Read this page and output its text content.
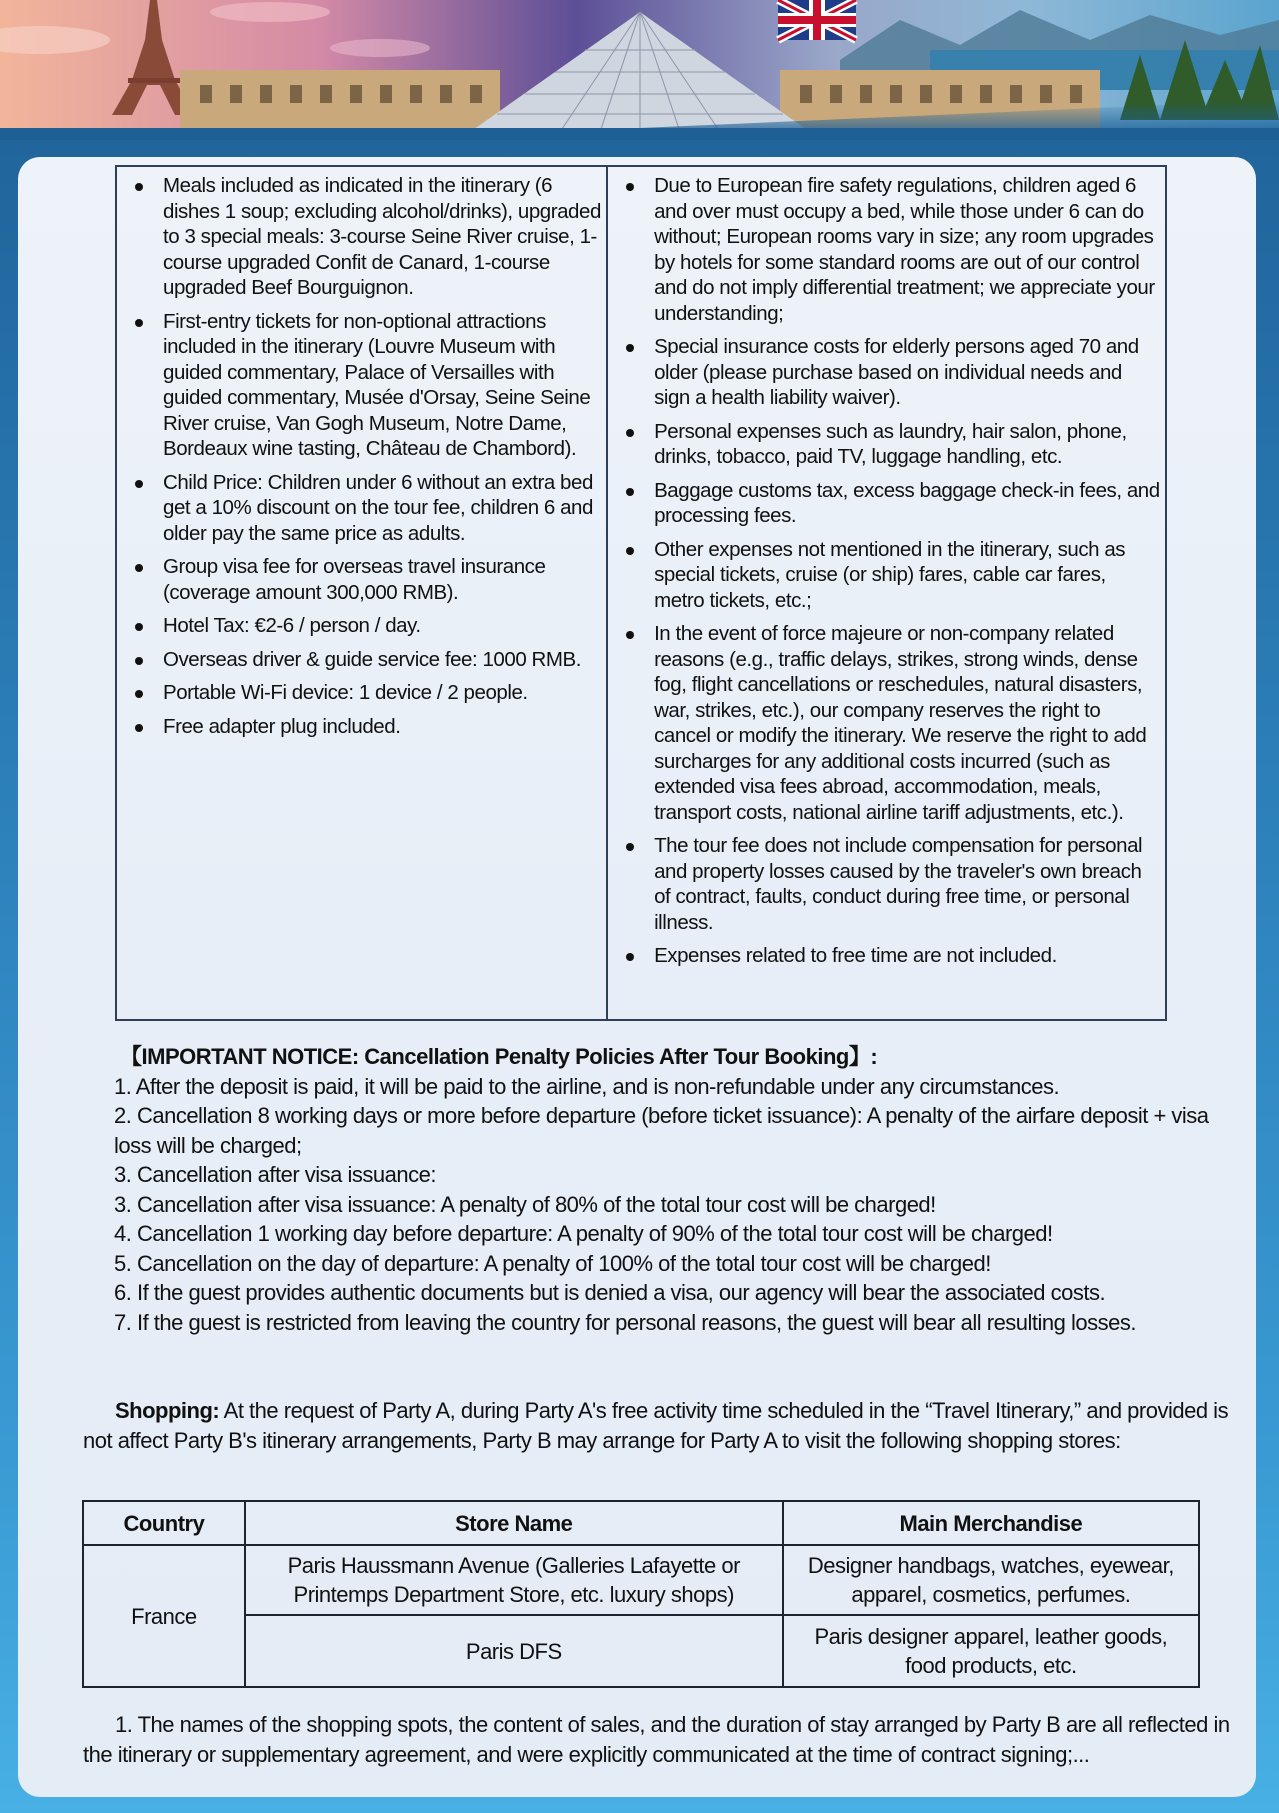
Meals included as indicated in the itinerary (6 dishes 1 soup; excluding alcohol/drinks), upgraded to 3 special meals: 3-course Seine River cruise, 1-course upgraded Confit de Canard, 1-course upgraded Beef Bourguignon.
First-entry tickets for non-optional attractions included in the itinerary (Louvre Museum with guided commentary, Palace of Versailles with guided commentary, Musée d'Orsay, Seine Seine River cruise, Van Gogh Museum, Notre Dame, Bordeaux wine tasting, Château de Chambord).
Child Price: Children under 6 without an extra bed get a 10% discount on the tour fee, children 6 and older pay the same price as adults.
Group visa fee for overseas travel insurance (coverage amount 300,000 RMB).
Hotel Tax: €2-6 / person / day.
Overseas driver & guide service fee: 1000 RMB.
Portable Wi-Fi device: 1 device / 2 people.
Free adapter plug included.
Due to European fire safety regulations, children aged 6 and over must occupy a bed, while those under 6 can do without; European rooms vary in size; any room upgrades by hotels for some standard rooms are out of our control and do not imply differential treatment; we appreciate your understanding;
Special insurance costs for elderly persons aged 70 and older (please purchase based on individual needs and sign a health liability waiver).
Personal expenses such as laundry, hair salon, phone, drinks, tobacco, paid TV, luggage handling, etc.
Baggage customs tax, excess baggage check-in fees, and processing fees.
Other expenses not mentioned in the itinerary, such as special tickets, cruise (or ship) fares, cable car fares, metro tickets, etc.;
In the event of force majeure or non-company related reasons (e.g., traffic delays, strikes, strong winds, dense fog, flight cancellations or reschedules, natural disasters, war, strikes, etc.), our company reserves the right to cancel or modify the itinerary. We reserve the right to add surcharges for any additional costs incurred (such as extended visa fees abroad, accommodation, meals, transport costs, national airline tariff adjustments, etc.).
The tour fee does not include compensation for personal and property losses caused by the traveler's own breach of contract, faults, conduct during free time, or personal illness.
Expenses related to free time are not included.

【IMPORTANT NOTICE: Cancellation Penalty Policies After Tour Booking】:

1. After the deposit is paid, it will be paid to the airline, and is non-refundable under any circumstances.

2. Cancellation 8 working days or more before departure (before ticket issuance): A penalty of the airfare deposit + visa loss will be charged;

3. Cancellation after visa issuance:

3. Cancellation after visa issuance: A penalty of 80% of the total tour cost will be charged!

4. Cancellation 1 working day before departure: A penalty of 90% of the total tour cost will be charged!

5. Cancellation on the day of departure: A penalty of 100% of the total tour cost will be charged!

6. If the guest provides authentic documents but is denied a visa, our agency will bear the associated costs.

7. If the guest is restricted from leaving the country for personal reasons, the guest will bear all resulting losses.

Shopping: At the request of Party A, during Party A's free activity time scheduled in the “Travel Itinerary,” and provided is not affect Party B's itinerary arrangements, Party B may arrange for Party A to visit the following shopping stores:
Country	Store Name	Main Merchandise
France	Paris Haussmann Avenue (Galleries Lafayette or Printemps Department Store, etc. luxury shops)	Designer handbags, watches, eyewear, apparel, cosmetics, perfumes.
	Paris DFS	Paris designer apparel, leather goods, food products, etc.
1. The names of the shopping spots, the content of sales, and the duration of stay arranged by Party B are all reflected in the itinerary or supplementary agreement, and were explicitly communicated at the time of contract signing;...
